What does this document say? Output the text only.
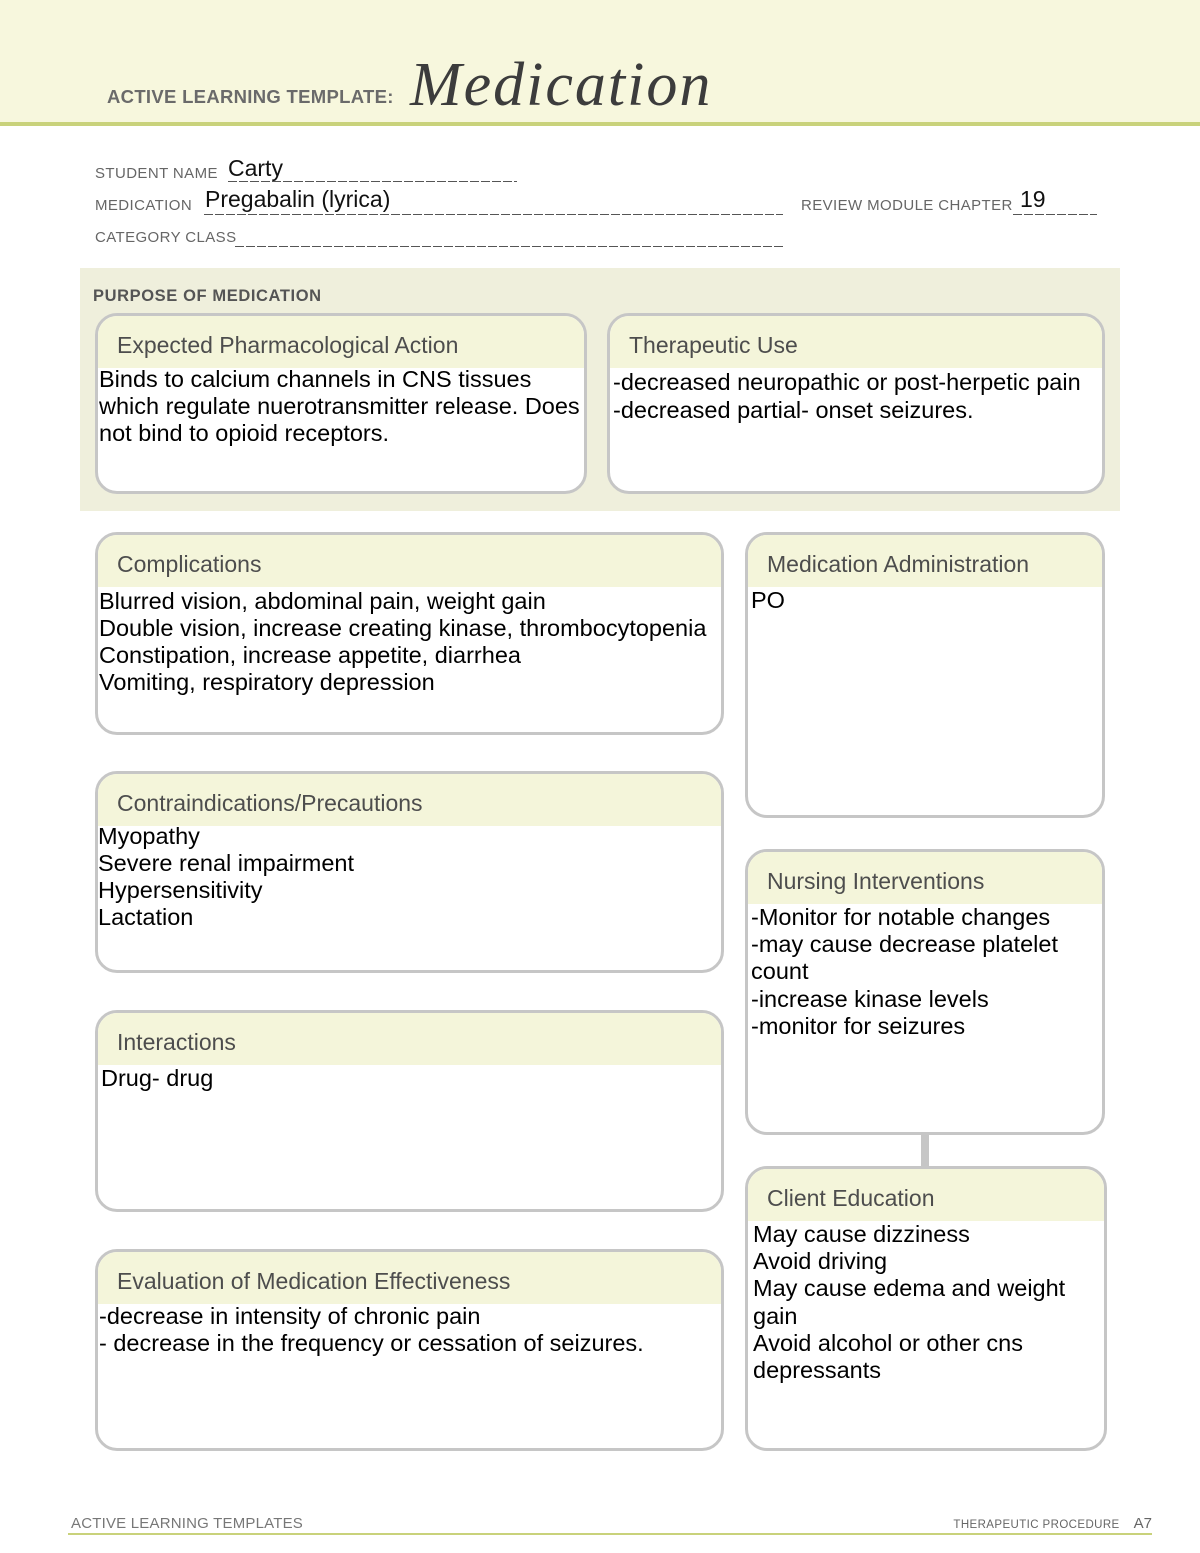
ACTIVE LEARNING TEMPLATE: Medication
STUDENT NAME Carty
MEDICATION Pregabalin (lyrica)	REVIEW MODULE CHAPTER 19
CATEGORY CLASS
PURPOSE OF MEDICATION
Expected Pharmacological Action
Binds to calcium channels in CNS tissues
which regulate nuerotransmitter release. Does
not bind to opioid receptors.
Therapeutic Use
-decreased neuropathic or post-herpetic pain
-decreased partial- onset seizures.
Complications
Blurred vision, abdominal pain, weight gain
Double vision, increase creating kinase, thrombocytopenia
Constipation, increase appetite, diarrhea
Vomiting, respiratory depression
Contraindications/Precautions
Myopathy
Severe renal impairment
Hypersensitivity
Lactation
Interactions
Drug- drug
Evaluation of Medication Effectiveness
-decrease in intensity of chronic pain
- decrease in the frequency or cessation of seizures.
Medication Administration
PO
Nursing Interventions
-Monitor for notable changes
-may cause decrease platelet
count
-increase kinase levels
-monitor for seizures
Client Education
May cause dizziness
Avoid driving
May cause edema and weight
gain
Avoid alcohol or other cns
depressants
ACTIVE LEARNING TEMPLATES	THERAPEUTIC PROCEDURE A7
